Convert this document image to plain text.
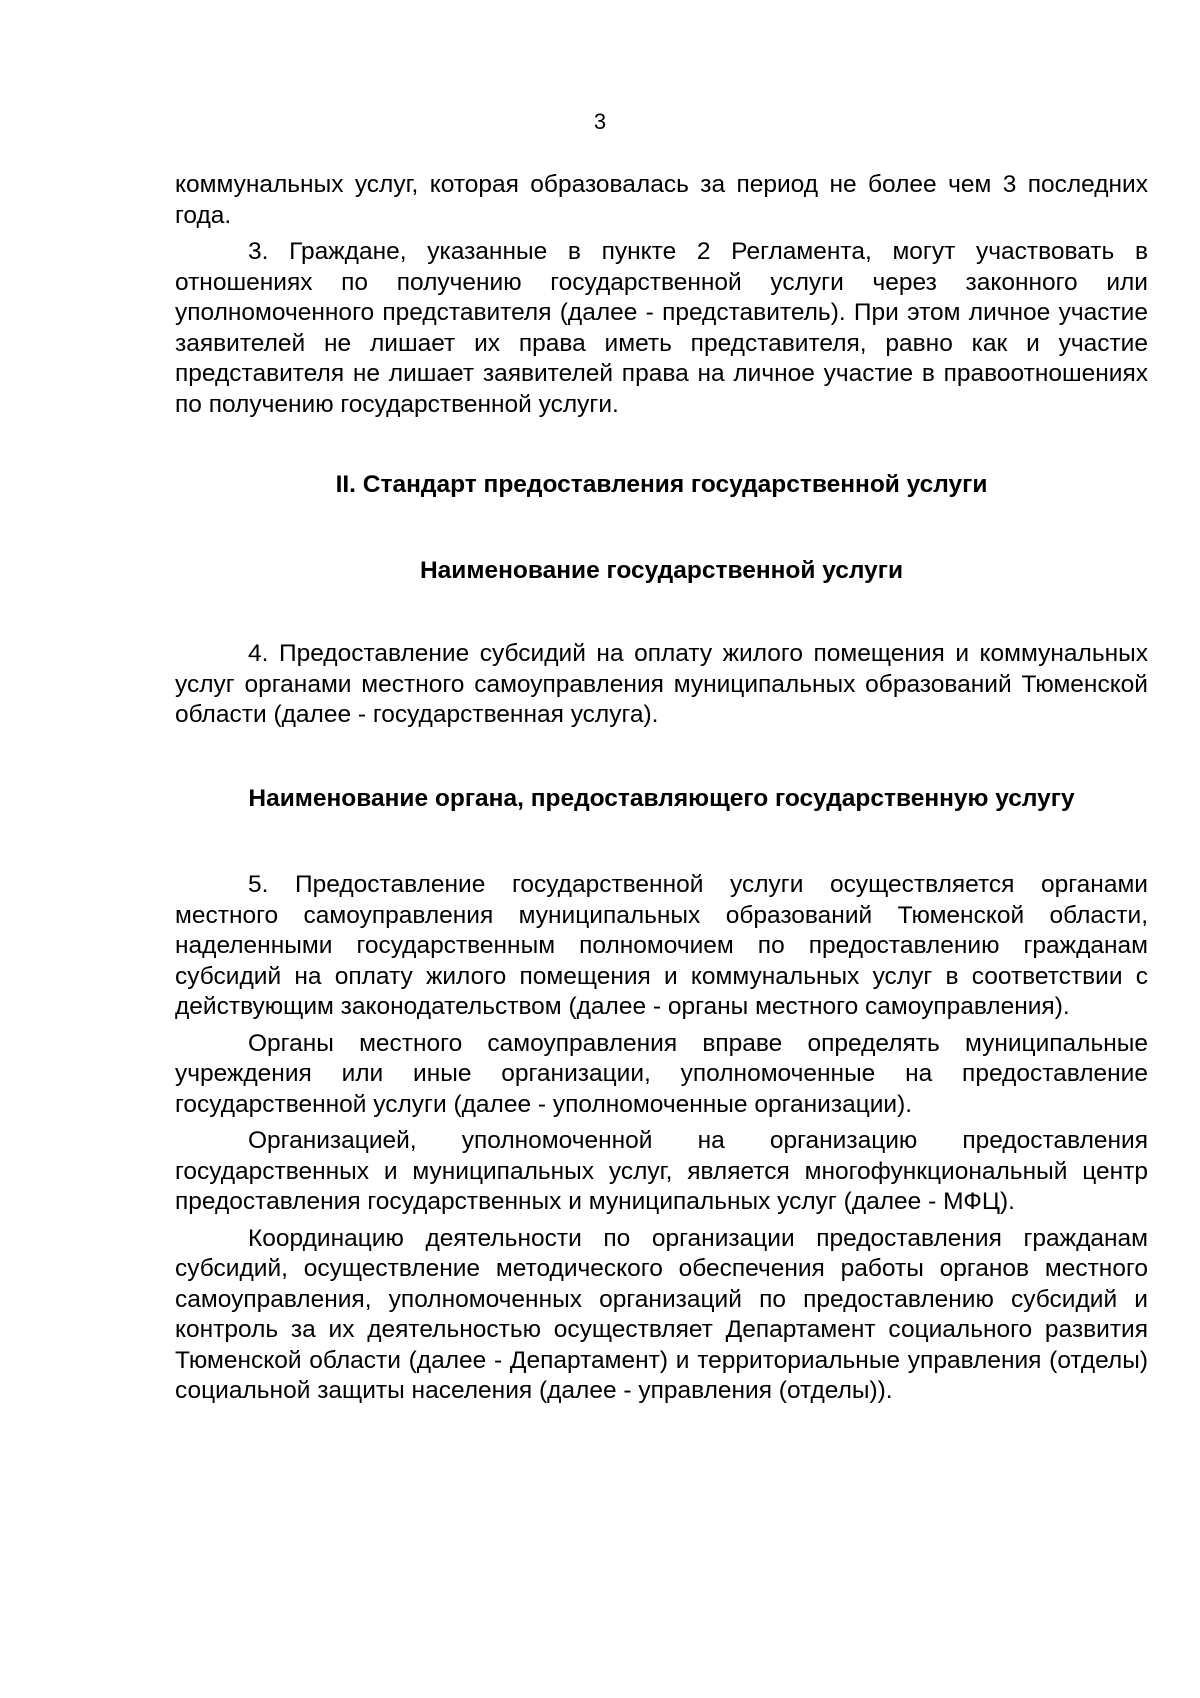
3

коммунальных услуг, которая образовалась за период не более чем 3 последних года.

3. Граждане, указанные в пункте 2 Регламента, могут участвовать в отношениях по получению государственной услуги через законного или уполномоченного представителя (далее - представитель). При этом личное участие заявителей не лишает их права иметь представителя, равно как и участие представителя не лишает заявителей права на личное участие в правоотношениях по получению государственной услуги.

II. Стандарт предоставления государственной услуги

Наименование государственной услуги

4. Предоставление субсидий на оплату жилого помещения и коммунальных услуг органами местного самоуправления муниципальных образований Тюменской области (далее - государственная услуга).

Наименование органа, предоставляющего государственную услугу

5. Предоставление государственной услуги осуществляется органами местного самоуправления муниципальных образований Тюменской области, наделенными государственным полномочием по предоставлению гражданам субсидий на оплату жилого помещения и коммунальных услуг в соответствии с действующим законодательством (далее - органы местного самоуправления).

Органы местного самоуправления вправе определять муниципальные учреждения или иные организации, уполномоченные на предоставление государственной услуги (далее - уполномоченные организации).

Организацией, уполномоченной на организацию предоставления государственных и муниципальных услуг, является многофункциональный центр предоставления государственных и муниципальных услуг (далее - МФЦ).

Координацию деятельности по организации предоставления гражданам субсидий, осуществление методического обеспечения работы органов местного самоуправления, уполномоченных организаций по предоставлению субсидий и контроль за их деятельностью осуществляет Департамент социального развития Тюменской области (далее - Департамент) и территориальные управления (отделы) социальной защиты населения (далее - управления (отделы)).
